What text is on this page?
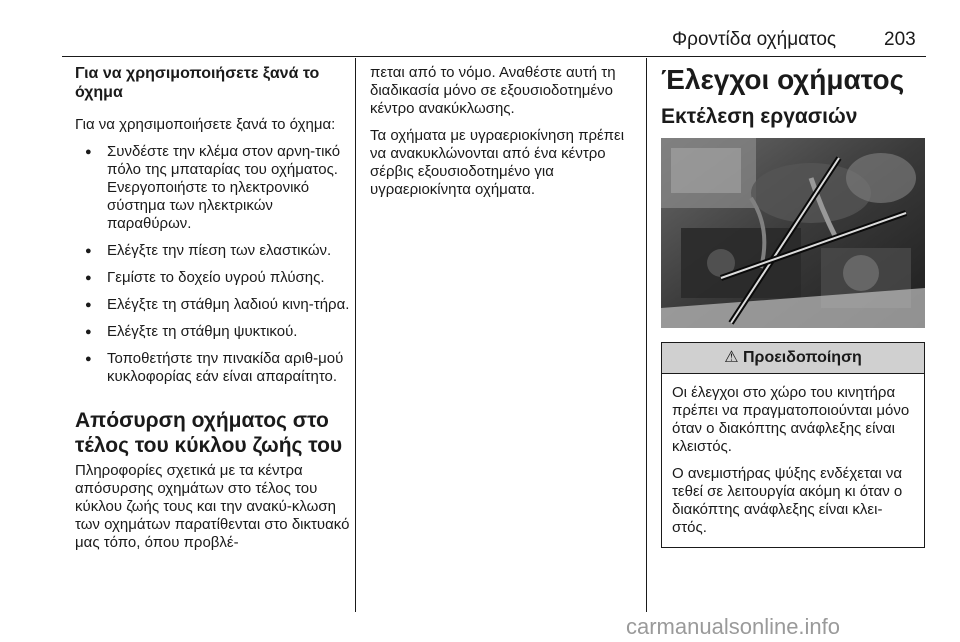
Φροντίδα οχήματος	203
Για να χρησιμοποιήσετε ξανά το όχημα

Για να χρησιμοποιήσετε ξανά το όχημα:

● Συνδέστε την κλέμα στον αρνη-τικό πόλο της μπαταρίας του οχήματος. Ενεργοποιήστε το ηλεκτρονικό σύστημα των ηλεκτρικών παραθύρων.
● Ελέγξτε την πίεση των ελαστικών.
● Γεμίστε το δοχείο υγρού πλύσης.
● Ελέγξτε τη στάθμη λαδιού κινη-τήρα.
● Ελέγξτε τη στάθμη ψυκτικού.
● Τοποθετήστε την πινακίδα αριθ-μού κυκλοφορίας εάν είναι απαραίτητο.
Απόσυρση οχήματος στο τέλος του κύκλου ζωής του

Πληροφορίες σχετικά με τα κέντρα απόσυρσης οχημάτων στο τέλος του κύκλου ζωής τους και την ανακύ-κλωση των οχημάτων παρατίθενται στο δικτυακό μας τόπο, όπου προβλέ-

πεται από το νόμο. Αναθέστε αυτή τη διαδικασία μόνο σε εξουσιοδοτημένο κέντρο ανακύκλωσης.

Τα οχήματα με υγραεριοκίνηση πρέπει να ανακυκλώνονται από ένα κέντρο σέρβις εξουσιοδοτημένο για υγραεριοκίνητα οχήματα.

Έλεγχοι οχήματος
Εκτέλεση εργασιών
⚠ Προειδοποίηση

Οι έλεγχοι στο χώρο του κινητήρα πρέπει να πραγματοποιούνται μόνο όταν ο διακόπτης ανάφλεξης είναι κλειστός.

Ο ανεμιστήρας ψύξης ενδέχεται να τεθεί σε λειτουργία ακόμη κι όταν ο διακόπτης ανάφλεξης είναι κλει-στός.

carmanualsonline.info
